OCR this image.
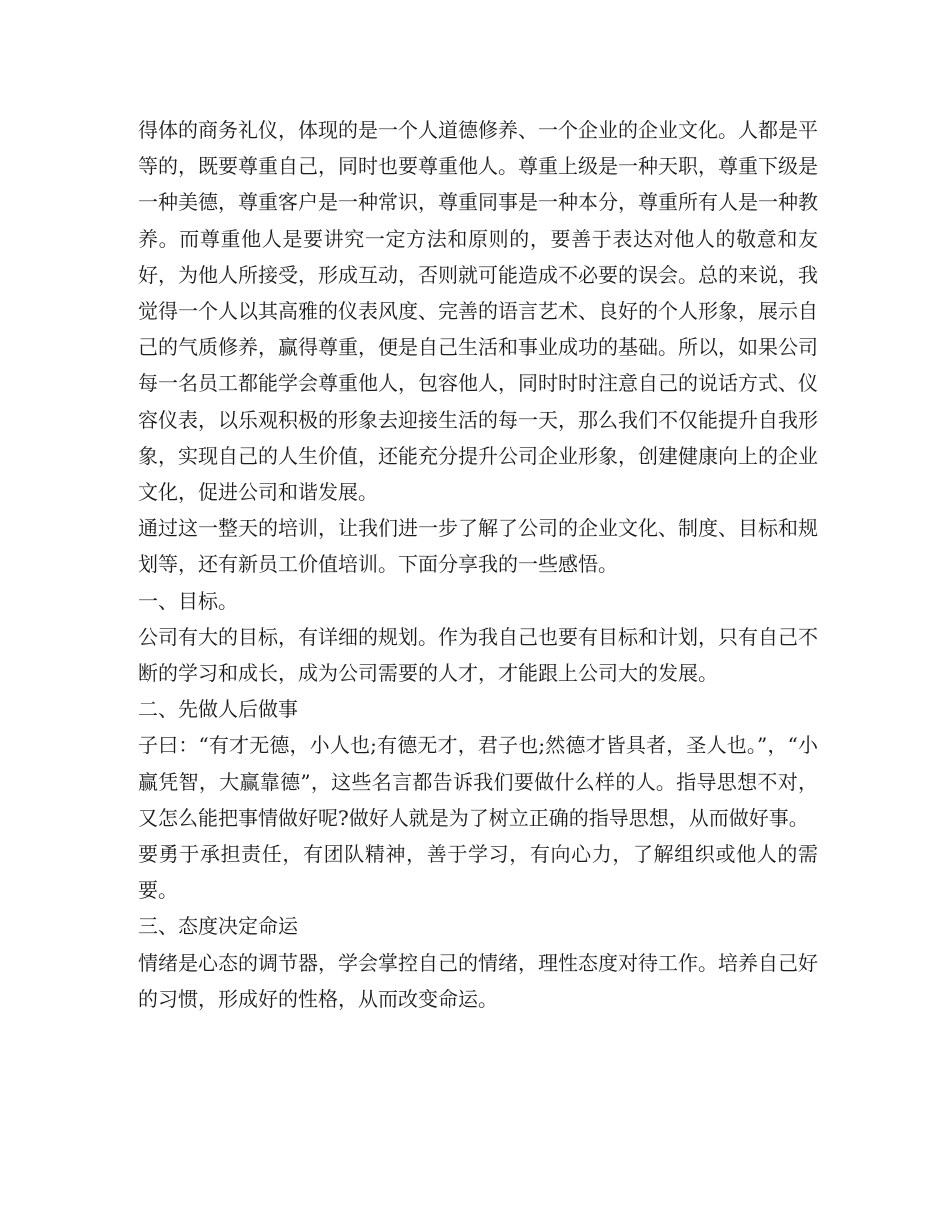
得体的商务礼仪，体现的是一个人道德修养、一个企业的企业文化。人都是平等的，既要尊重自己，同时也要尊重他人。尊重上级是一种天职，尊重下级是一种美德，尊重客户是一种常识，尊重同事是一种本分，尊重所有人是一种教养。而尊重他人是要讲究一定方法和原则的，要善于表达对他人的敬意和友好，为他人所接受，形成互动，否则就可能造成不必要的误会。总的来说，我觉得一个人以其高雅的仪表风度、完善的语言艺术、良好的个人形象，展示自己的气质修养，赢得尊重，便是自己生活和事业成功的基础。所以，如果公司每一名员工都能学会尊重他人，包容他人，同时时时注意自己的说话方式、仪容仪表，以乐观积极的形象去迎接生活的每一天，那么我们不仅能提升自我形象，实现自己的人生价值，还能充分提升公司企业形象，创建健康向上的企业文化，促进公司和谐发展。

通过这一整天的培训，让我们进一步了解了公司的企业文化、制度、目标和规划等，还有新员工价值培训。下面分享我的一些感悟。

一、目标。

公司有大的目标，有详细的规划。作为我自己也要有目标和计划，只有自己不断的学习和成长，成为公司需要的人才，才能跟上公司大的发展。

二、先做人后做事

子曰：“有才无德，小人也;有德无才，君子也;然德才皆具者，圣人也。”，“小赢凭智，大赢靠德”，这些名言都告诉我们要做什么样的人。指导思想不对，又怎么能把事情做好呢?做好人就是为了树立正确的指导思想，从而做好事。

要勇于承担责任，有团队精神，善于学习，有向心力，了解组织或他人的需要。

三、态度决定命运

情绪是心态的调节器，学会掌控自己的情绪，理性态度对待工作。培养自己好的习惯，形成好的性格，从而改变命运。
